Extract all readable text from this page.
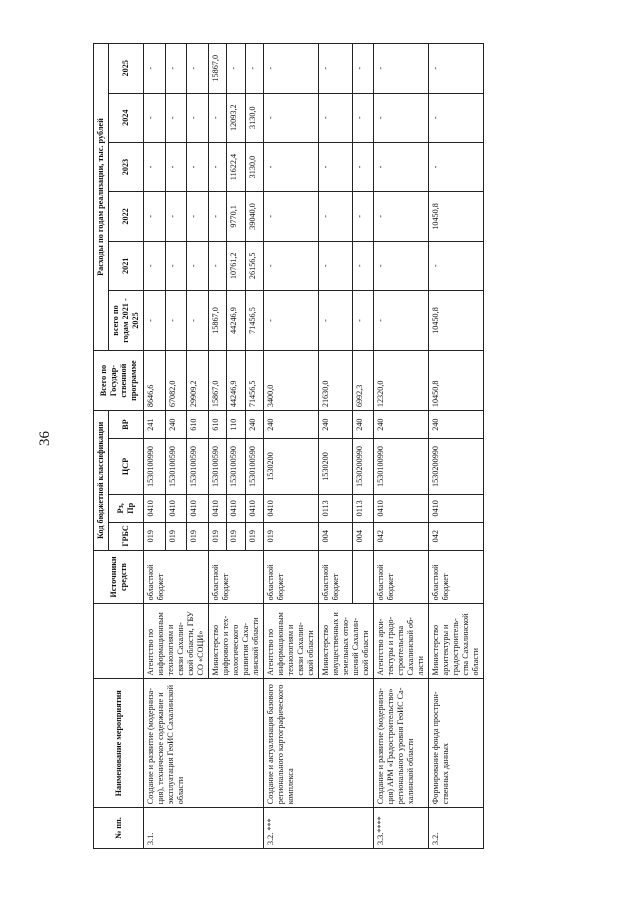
36
№ пп.	Наименование мероприятия		Источники средств	Код бюджетной классификации				Всего по Государ-ственной программе	Расходы по годам реализации, тыс. рублей					
				ГРБС	Рз, Пр	ЦСР	ВР		всего по годам 2021 - 2025	2021	2022	2023	2024	2025
3.1.	Создание и развитие (модерниза-ция), техническое содержание и эксплуатация ГеоИС Сахалинской области	Агентство по информационным технологиям и связи Сахалин-ской области, ГБУ СО «СОЦИ»	областной бюджет	019	0410	1530100990	241	8646,6	-	-	-	-	-	-
				019	0410	1530100590	240	67082,0	-	-	-	-	-	-
				019	0410	1530100590	610	29909,2	-	-	-	-	-	-
		Министерство цифрового и тех-нологического развития Саха-линской области	областной бюджет	019	0410	1530100590	610	15867,0	15867,0	-	-	-	-	15867,0
				019	0410	1530100590	110	44246,9	44246,9	10761,2	9770,1	11622,4	12093,2	-
				019	0410	1530100590	240	71456,5	71456,5	26156,5	39040,0	3130,0	3130,0	-
3.2. ***	Создание и актуализация базового регионального картографического комплекса	Агентство по информационным технологиям и связи Сахалин-ской области	областной бюджет	019	0410	1530200	240	3400,0	-	-	-	-	-	-
		Министерство имущественных и земельных отно-шений Сахалин-ской области	областной бюджет	004	0113	1530200	240	21630,0	-	-	-	-	-	-
				004	0113	1530200990	240	6992,3	-	-	-	-	-	-
3.3.****	Создание и развитие (модерниза-ция) АРМ «Градостроительство» регионального уровня ГеоИС Са-халинской области	Агентство архи-тектуры и градо-строительства Сахалинской об-ласти	областной бюджет	042	0410	1530100990	240	12320,0	-	-	-	-	-	-
3.2.	Формирование фонда простран-ственных данных	Министерство архитектуры и градостроитель-ства Сахалинской области	областной бюджет	042	0410	1530200990	240	10450,8	10450,8	-	10450,8	-	-	-
